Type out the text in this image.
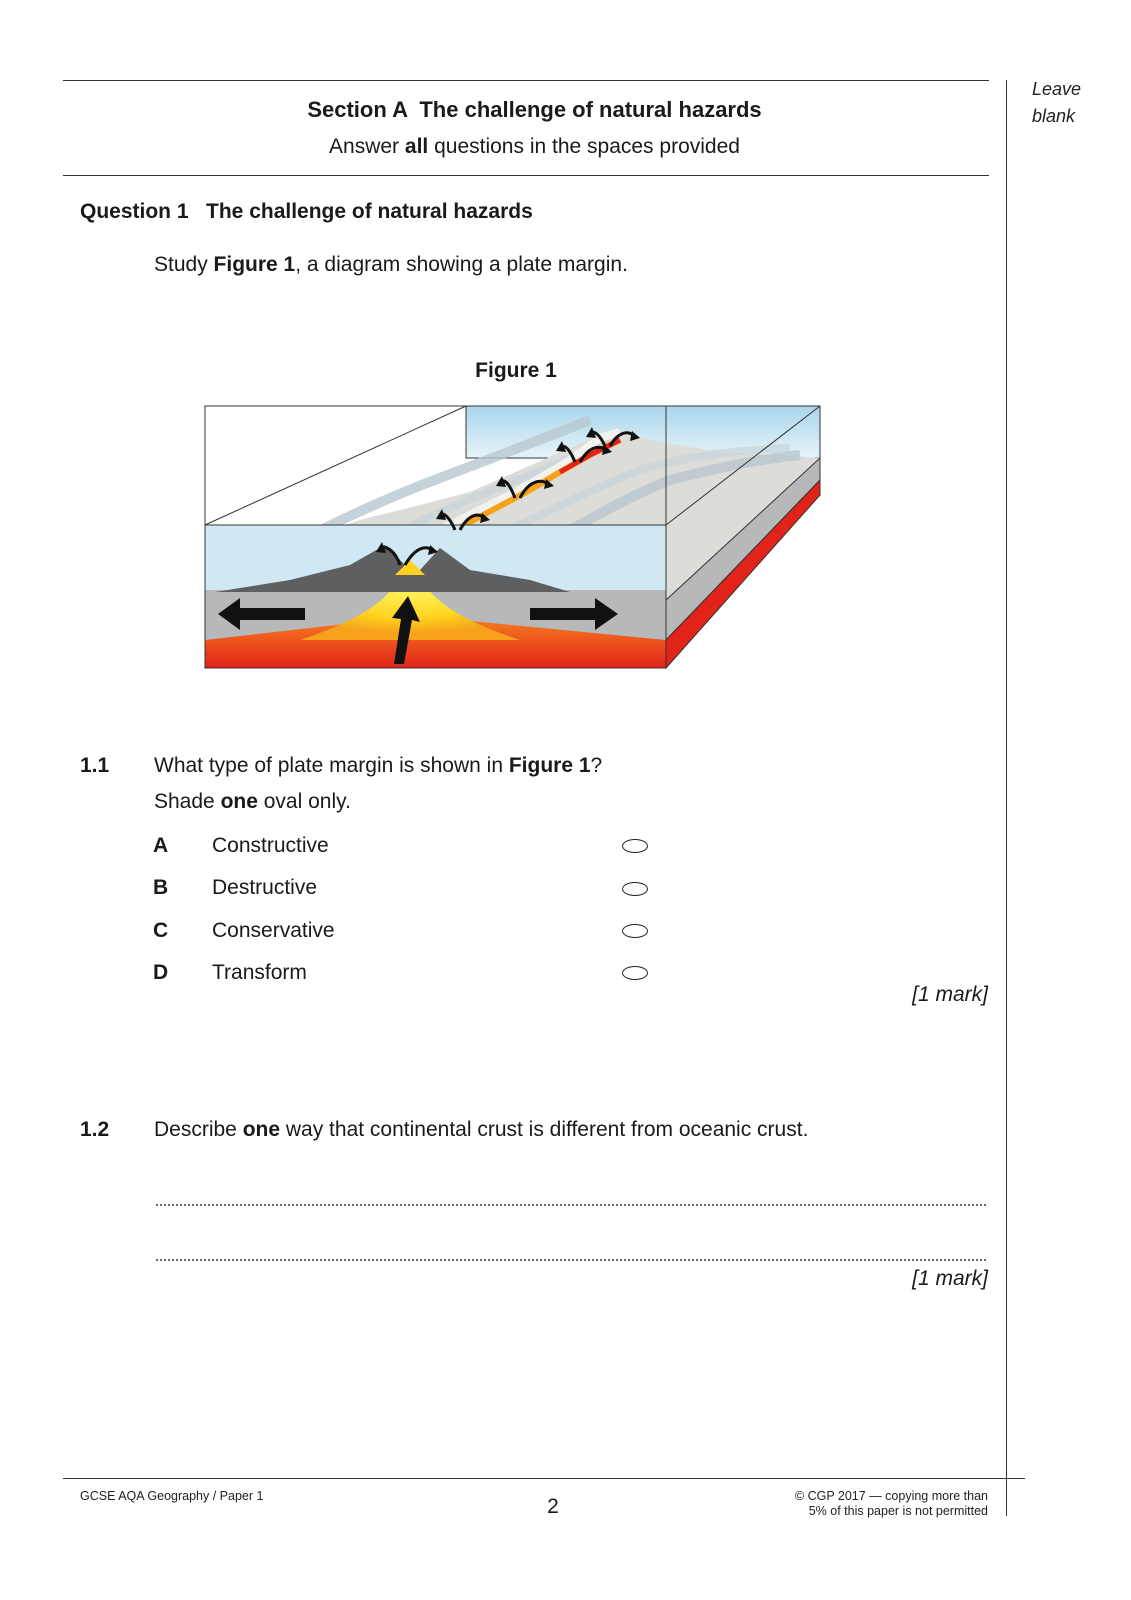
Leave
blank
Section A  The challenge of natural hazards
Answer all questions in the spaces provided
Question 1   The challenge of natural hazards
Study Figure 1, a diagram showing a plate margin.
Figure 1
1.1 What type of plate margin is shown in Figure 1?
Shade one oval only.
A Constructive
B Destructive
C Conservative
D Transform
[1 mark]
1.2 Describe one way that continental crust is different from oceanic crust.
[1 mark]
GCSE AQA Geography / Paper 1	2	© CGP 2017 — copying more than
5% of this paper is not permitted
